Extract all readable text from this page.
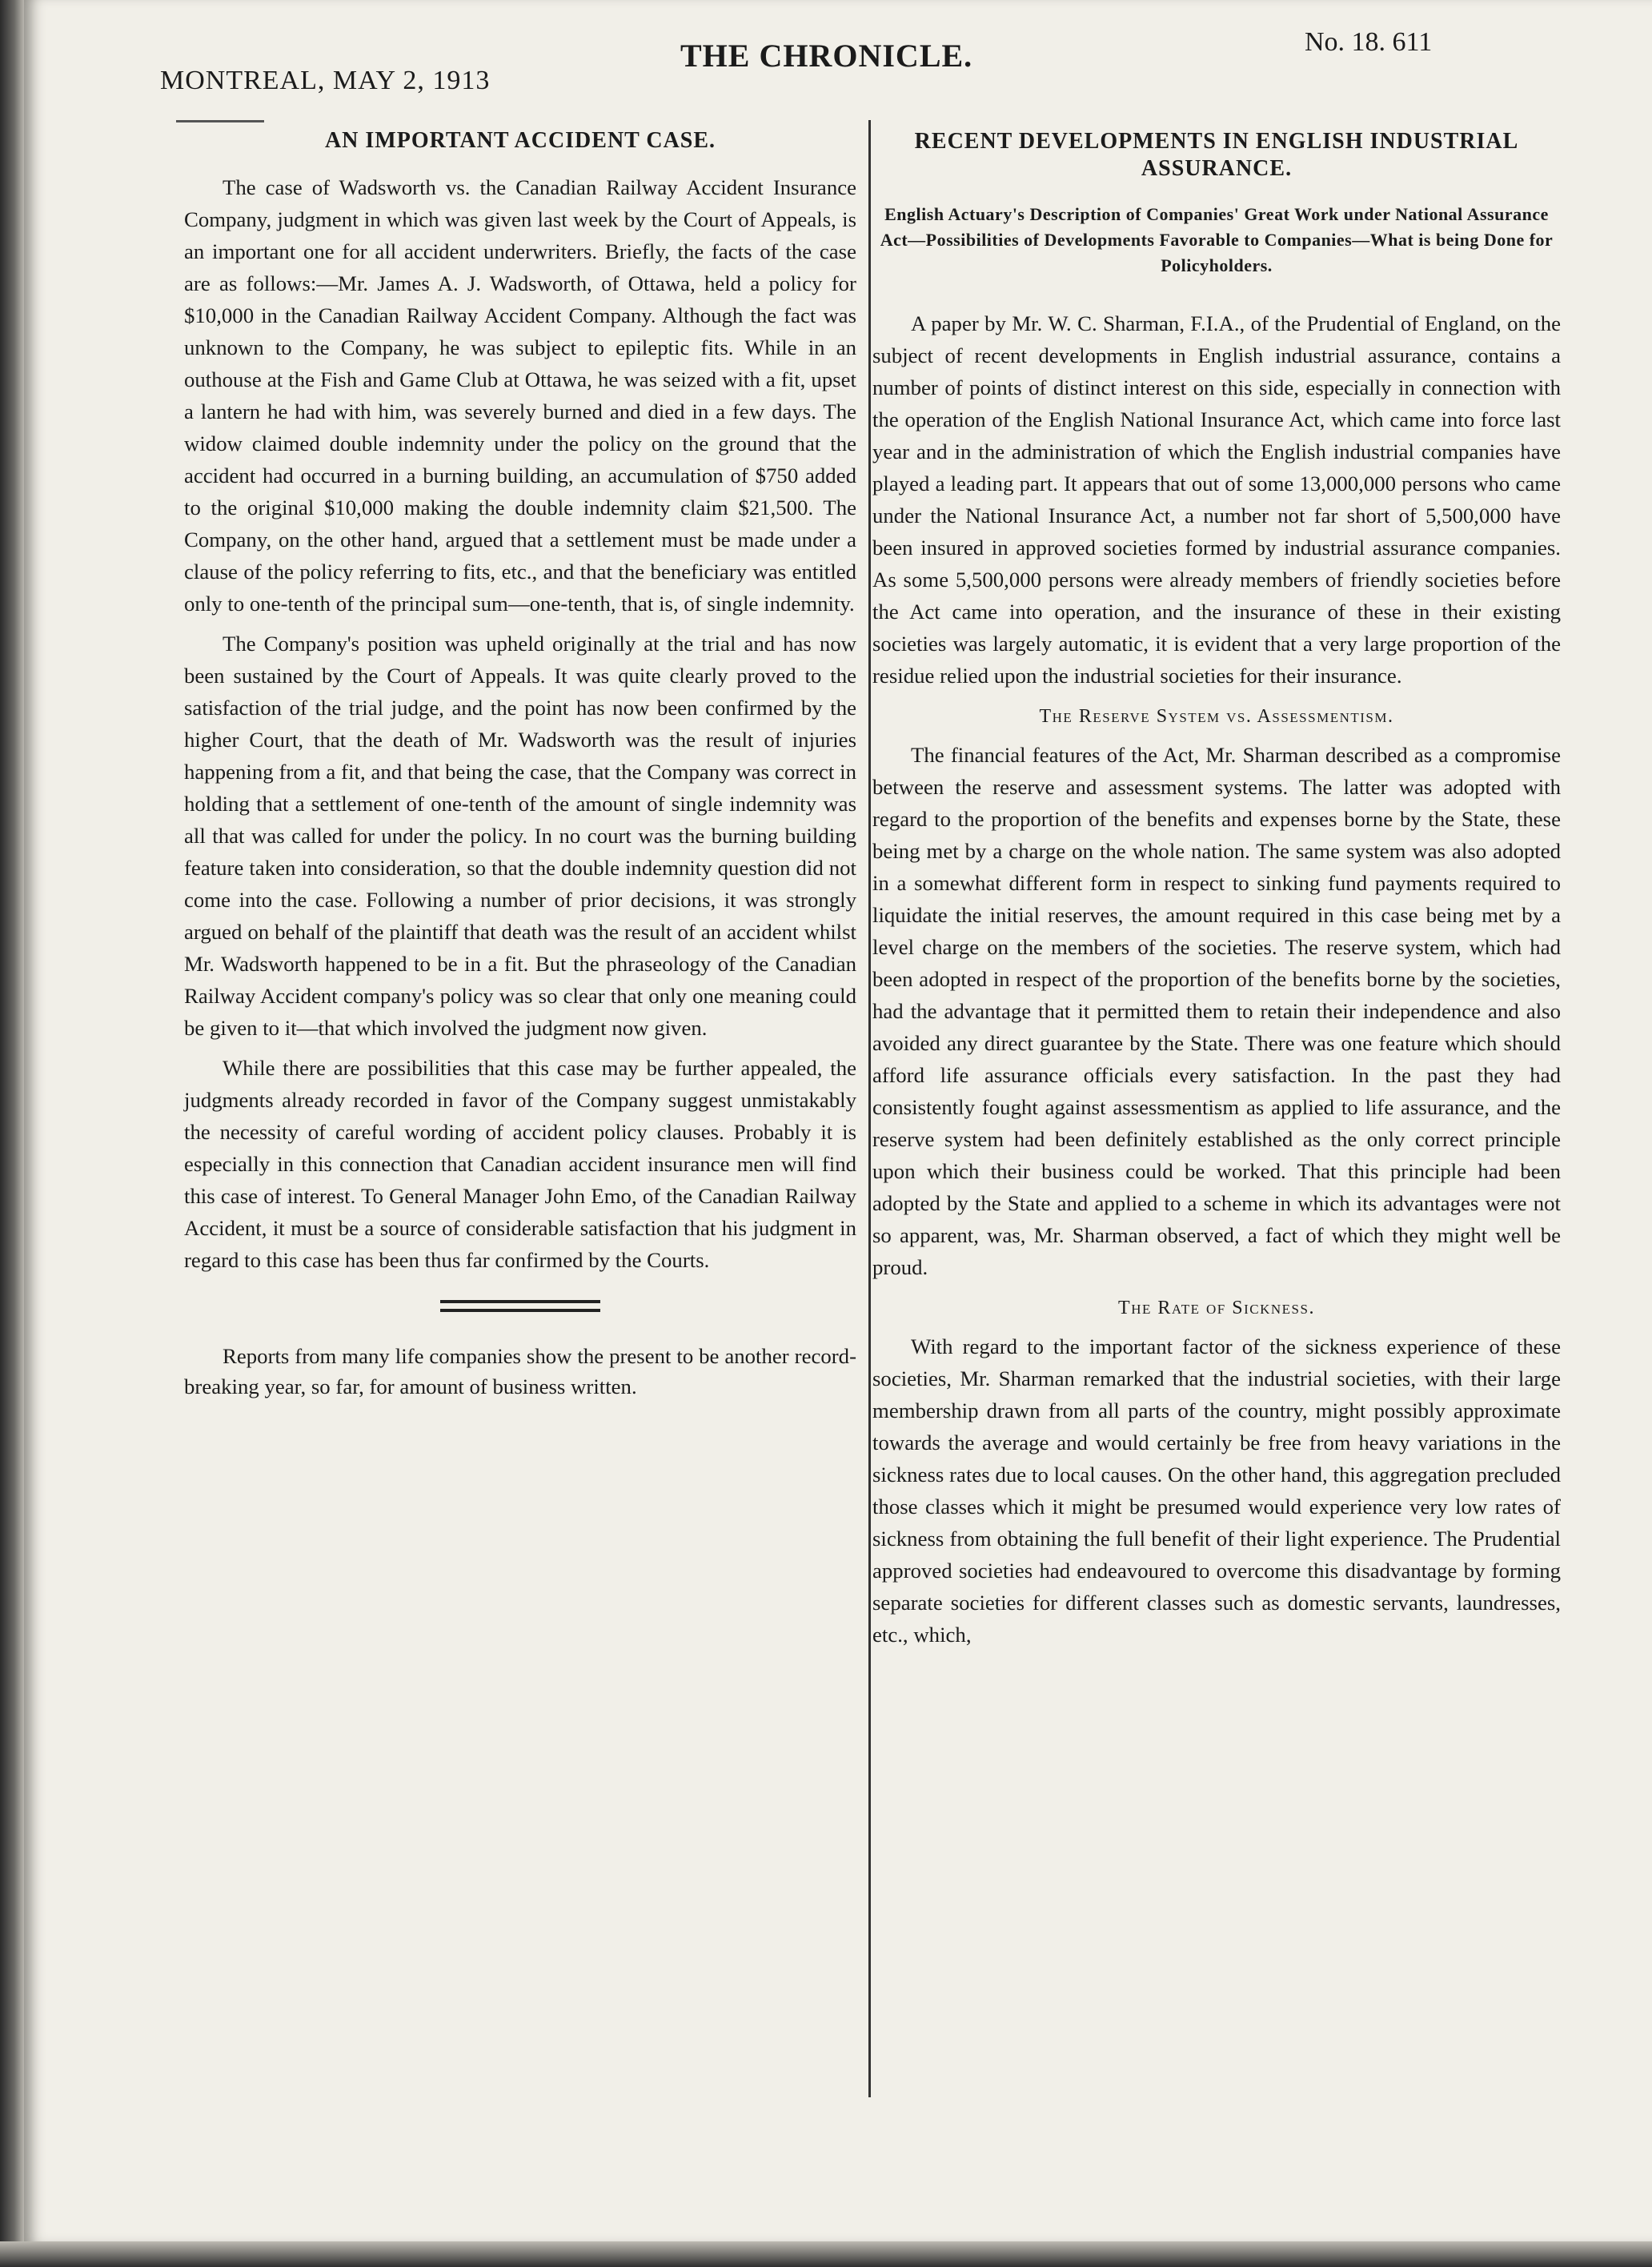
MONTREAL, MAY 2, 1913
THE CHRONICLE.	No. 18. 611
AN IMPORTANT ACCIDENT CASE.

The case of Wadsworth vs. the Canadian Railway Accident Insurance Company, judgment in which was given last week by the Court of Appeals, is an important one for all accident underwriters. Briefly, the facts of the case are as follows:—Mr. James A. J. Wadsworth, of Ottawa, held a policy for $10,000 in the Canadian Railway Accident Company. Although the fact was unknown to the Company, he was subject to epileptic fits. While in an outhouse at the Fish and Game Club at Ottawa, he was seized with a fit, upset a lantern he had with him, was severely burned and died in a few days. The widow claimed double indemnity under the policy on the ground that the accident had occurred in a burning building, an accumulation of $750 added to the original $10,000 making the double indemnity claim $21,500. The Company, on the other hand, argued that a settlement must be made under a clause of the policy referring to fits, etc., and that the beneficiary was entitled only to one-tenth of the principal sum—one-tenth, that is, of single indemnity.

The Company's position was upheld originally at the trial and has now been sustained by the Court of Appeals. It was quite clearly proved to the satisfaction of the trial judge, and the point has now been confirmed by the higher Court, that the death of Mr. Wadsworth was the result of injuries happening from a fit, and that being the case, that the Company was correct in holding that a settlement of one-tenth of the amount of single indemnity was all that was called for under the policy. In no court was the burning building feature taken into consideration, so that the double indemnity question did not come into the case. Following a number of prior decisions, it was strongly argued on behalf of the plaintiff that death was the result of an accident whilst Mr. Wadsworth happened to be in a fit. But the phraseology of the Canadian Railway Accident company's policy was so clear that only one meaning could be given to it—that which involved the judgment now given.

While there are possibilities that this case may be further appealed, the judgments already recorded in favor of the Company suggest unmistakably the necessity of careful wording of accident policy clauses. Probably it is especially in this connection that Canadian accident insurance men will find this case of interest. To General Manager John Emo, of the Canadian Railway Accident, it must be a source of considerable satisfaction that his judgment in regard to this case has been thus far confirmed by the Courts.

Reports from many life companies show the present to be another record-breaking year, so far, for amount of business written.

RECENT DEVELOPMENTS IN ENGLISH INDUSTRIAL ASSURANCE.
English Actuary's Description of Companies' Great Work under National Assurance Act—Possibilities of Developments Favorable to Companies—What is being Done for Policyholders.

A paper by Mr. W. C. Sharman, F.I.A., of the Prudential of England, on the subject of recent developments in English industrial assurance, contains a number of points of distinct interest on this side, especially in connection with the operation of the English National Insurance Act, which came into force last year and in the administration of which the English industrial companies have played a leading part. It appears that out of some 13,000,000 persons who came under the National Insurance Act, a number not far short of 5,500,000 have been insured in approved societies formed by industrial assurance companies. As some 5,500,000 persons were already members of friendly societies before the Act came into operation, and the insurance of these in their existing societies was largely automatic, it is evident that a very large proportion of the residue relied upon the industrial societies for their insurance.

The Reserve System vs. Assessmentism.

The financial features of the Act, Mr. Sharman described as a compromise between the reserve and assessment systems. The latter was adopted with regard to the proportion of the benefits and expenses borne by the State, these being met by a charge on the whole nation. The same system was also adopted in a somewhat different form in respect to sinking fund payments required to liquidate the initial reserves, the amount required in this case being met by a level charge on the members of the societies. The reserve system, which had been adopted in respect of the proportion of the benefits borne by the societies, had the advantage that it permitted them to retain their independence and also avoided any direct guarantee by the State. There was one feature which should afford life assurance officials every satisfaction. In the past they had consistently fought against assessmentism as applied to life assurance, and the reserve system had been definitely established as the only correct principle upon which their business could be worked. That this principle had been adopted by the State and applied to a scheme in which its advantages were not so apparent, was, Mr. Sharman observed, a fact of which they might well be proud.

The Rate of Sickness.

With regard to the important factor of the sickness experience of these societies, Mr. Sharman remarked that the industrial societies, with their large membership drawn from all parts of the country, might possibly approximate towards the average and would certainly be free from heavy variations in the sickness rates due to local causes. On the other hand, this aggregation precluded those classes which it might be presumed would experience very low rates of sickness from obtaining the full benefit of their light experience. The Prudential approved societies had endeavoured to overcome this disadvantage by forming separate societies for different classes such as domestic servants, laundresses, etc., which,
